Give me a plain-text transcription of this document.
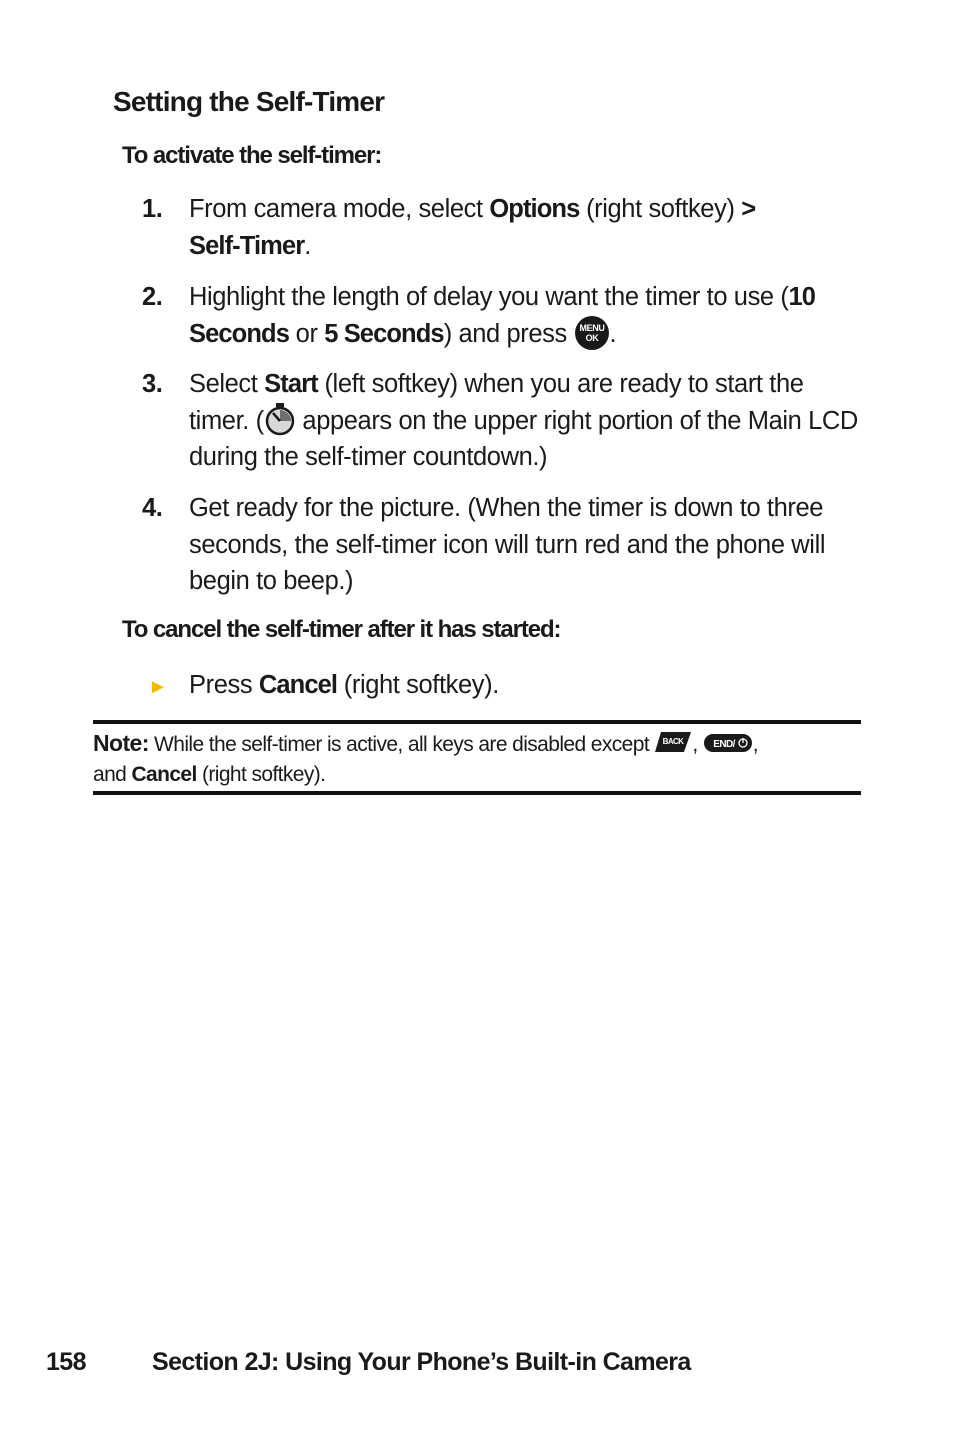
Setting the Self-Timer
To activate the self-timer:
1. From camera mode, select Options (right softkey) >
Self-Timer.
2. Highlight the length of delay you want the timer to use (10 Seconds or 5 Seconds) and press MENU
OK .
3. Select Start (left softkey) when you are ready to start the timer. (
appears on the upper right portion of the Main LCD during the self-timer countdown.)
4. Get ready for the picture. (When the timer is down to three seconds, the self-timer icon will turn red and the phone will begin to beep.)
To cancel the self-timer after it has started:
► Press Cancel (right softkey).
Note: While the self-timer is active, all keys are disabled except BACK , END/ ,
and Cancel (right softkey).
158	Section 2J: Using Your Phone’s Built-in Camera
